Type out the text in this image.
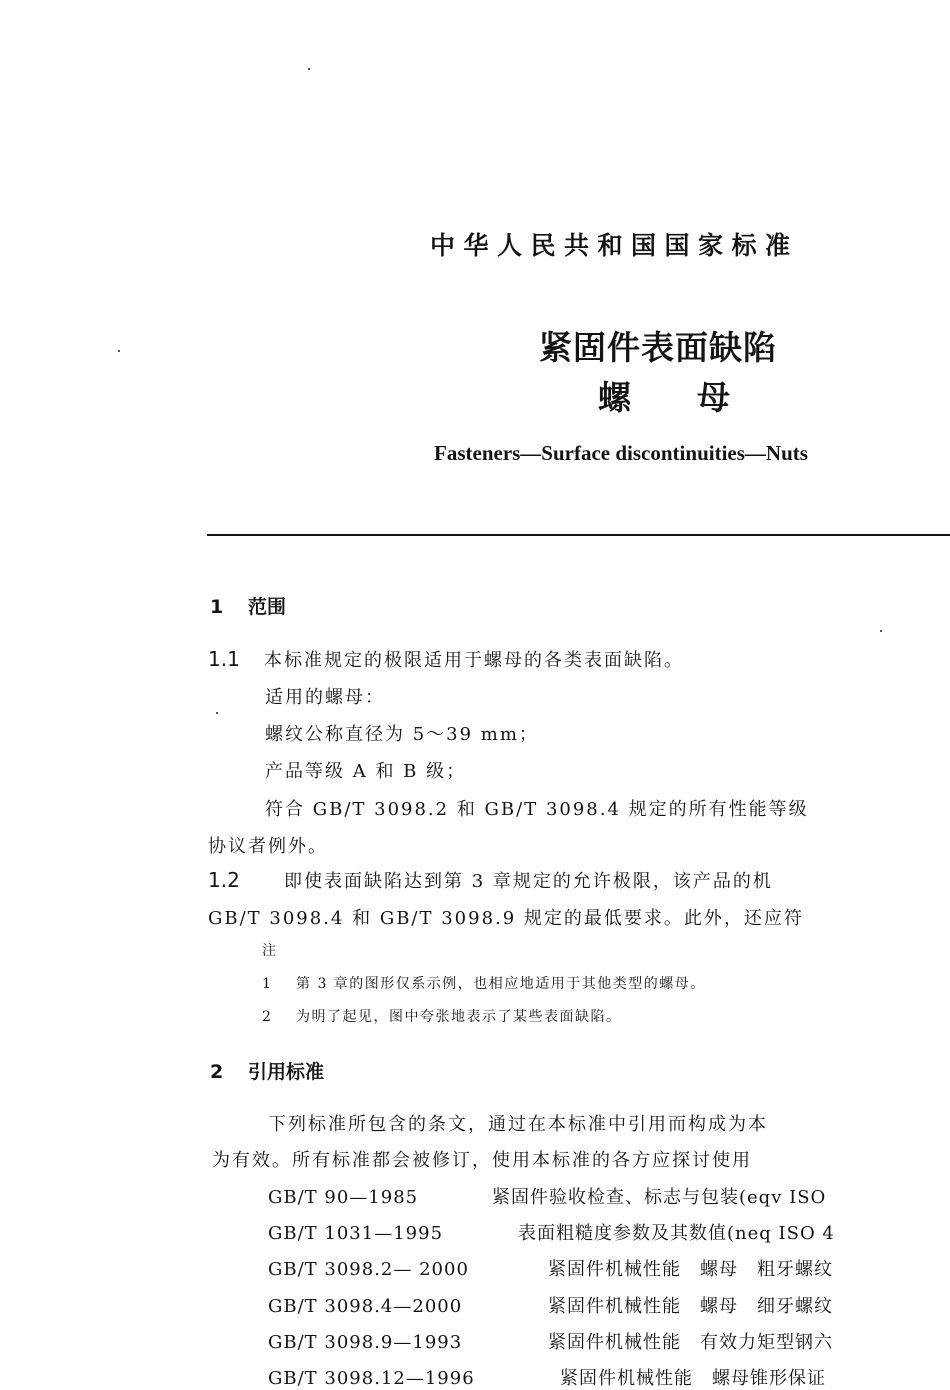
中华人民共和国国家标准
紧固件表面缺陷
螺母
Fasteners—Surface discontinuities—Nuts
1 范围
1.1 本标准规定的极限适用于螺母的各类表面缺陷。
适用的螺母：
螺纹公称直径为 5～39 mm；
产品等级 A 和 B 级；
符合 GB/T 3098.2 和 GB/T 3098.4 规定的所有性能等级
协议者例外。
1.2 即使表面缺陷达到第 3 章规定的允许极限，该产品的机
GB/T 3098.4 和 GB/T 3098.9 规定的最低要求。此外，还应符
注
1 第 3 章的图形仅系示例，也相应地适用于其他类型的螺母。
2 为明了起见，图中夸张地表示了某些表面缺陷。
2 引用标准
下列标准所包含的条文，通过在本标准中引用而构成为本
为有效。所有标准都会被修订，使用本标准的各方应探讨使用
GB/T 90—1985	紧固件验收检查、标志与包装(eqv ISO
GB/T 1031—1995	表面粗糙度参数及其数值(neq ISO 4
GB/T 3098.2— 2000	紧固件机械性能　螺母　粗牙螺纹
GB/T 3098.4—2000	紧固件机械性能　螺母　细牙螺纹
GB/T 3098.9—1993	紧固件机械性能　有效力矩型钢六
GB/T 3098.12—1996	紧固件机械性能　螺母锥形保证
